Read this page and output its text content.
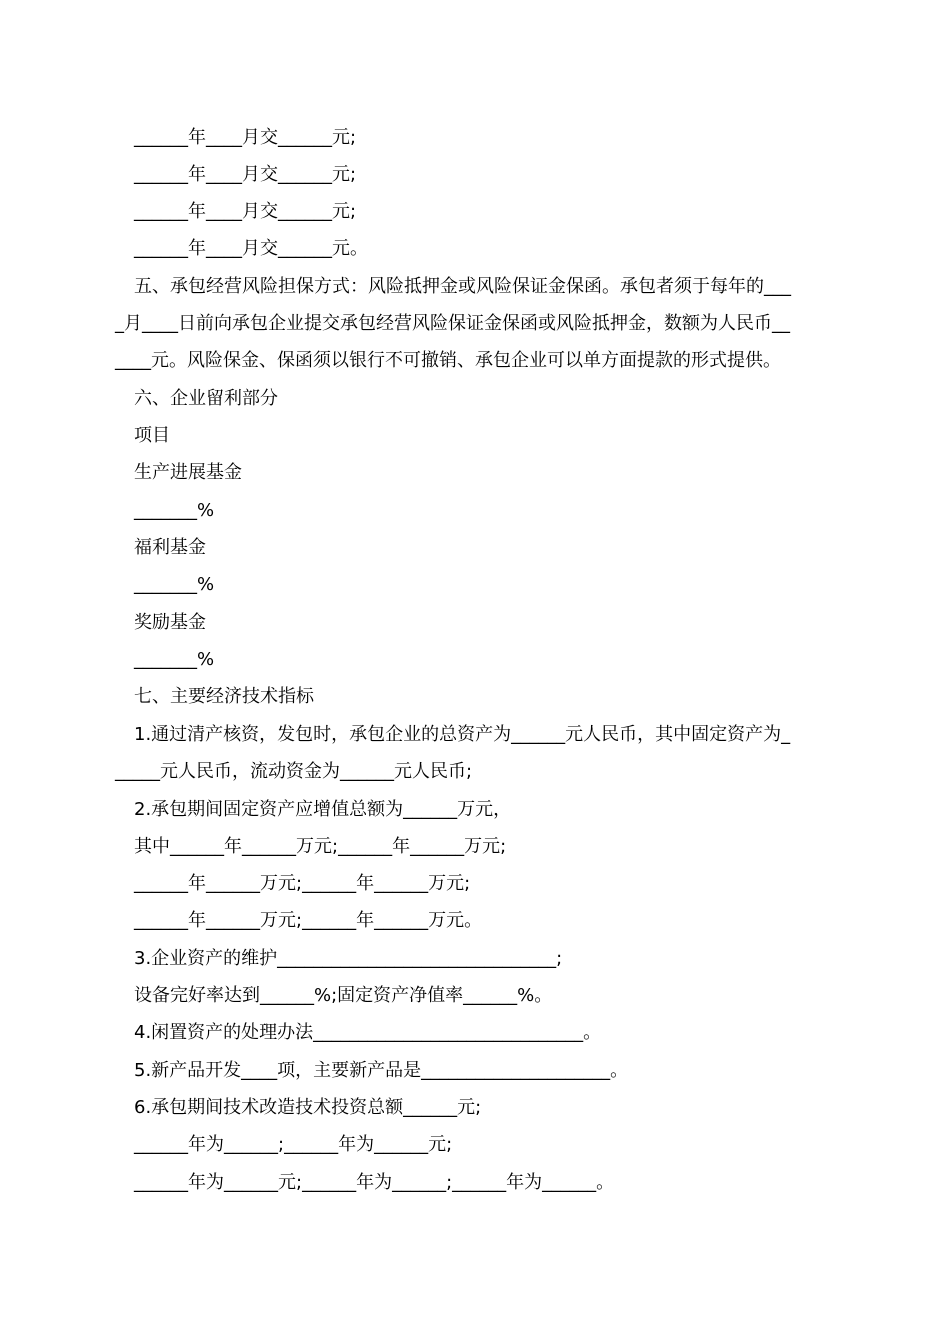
______年____月交______元;
______年____月交______元;
______年____月交______元;
______年____月交______元。
五、承包经营风险担保方式：风险抵押金或风险保证金保函。承包者须于每年的___
_月____日前向承包企业提交承包经营风险保证金保函或风险抵押金，数额为人民币__
____元。风险保金、保函须以银行不可撤销、承包企业可以单方面提款的形式提供。
六、企业留利部分
项目
生产进展基金
_______%
福利基金
_______%
奖励基金
_______%
七、主要经济技术指标
1.通过清产核资，发包时，承包企业的总资产为______元人民币，其中固定资产为_
_____元人民币，流动资金为______元人民币;
2.承包期间固定资产应增值总额为______万元，
其中______年______万元;______年______万元;
______年______万元;______年______万元;
______年______万元;______年______万元。
3.企业资产的维护_______________________________;
设备完好率达到______%;固定资产净值率______%。
4.闲置资产的处理办法______________________________。
5.新产品开发____项，主要新产品是_____________________。
6.承包期间技术改造技术投资总额______元;
______年为______;______年为______元;
______年为______元;______年为______;______年为______。
